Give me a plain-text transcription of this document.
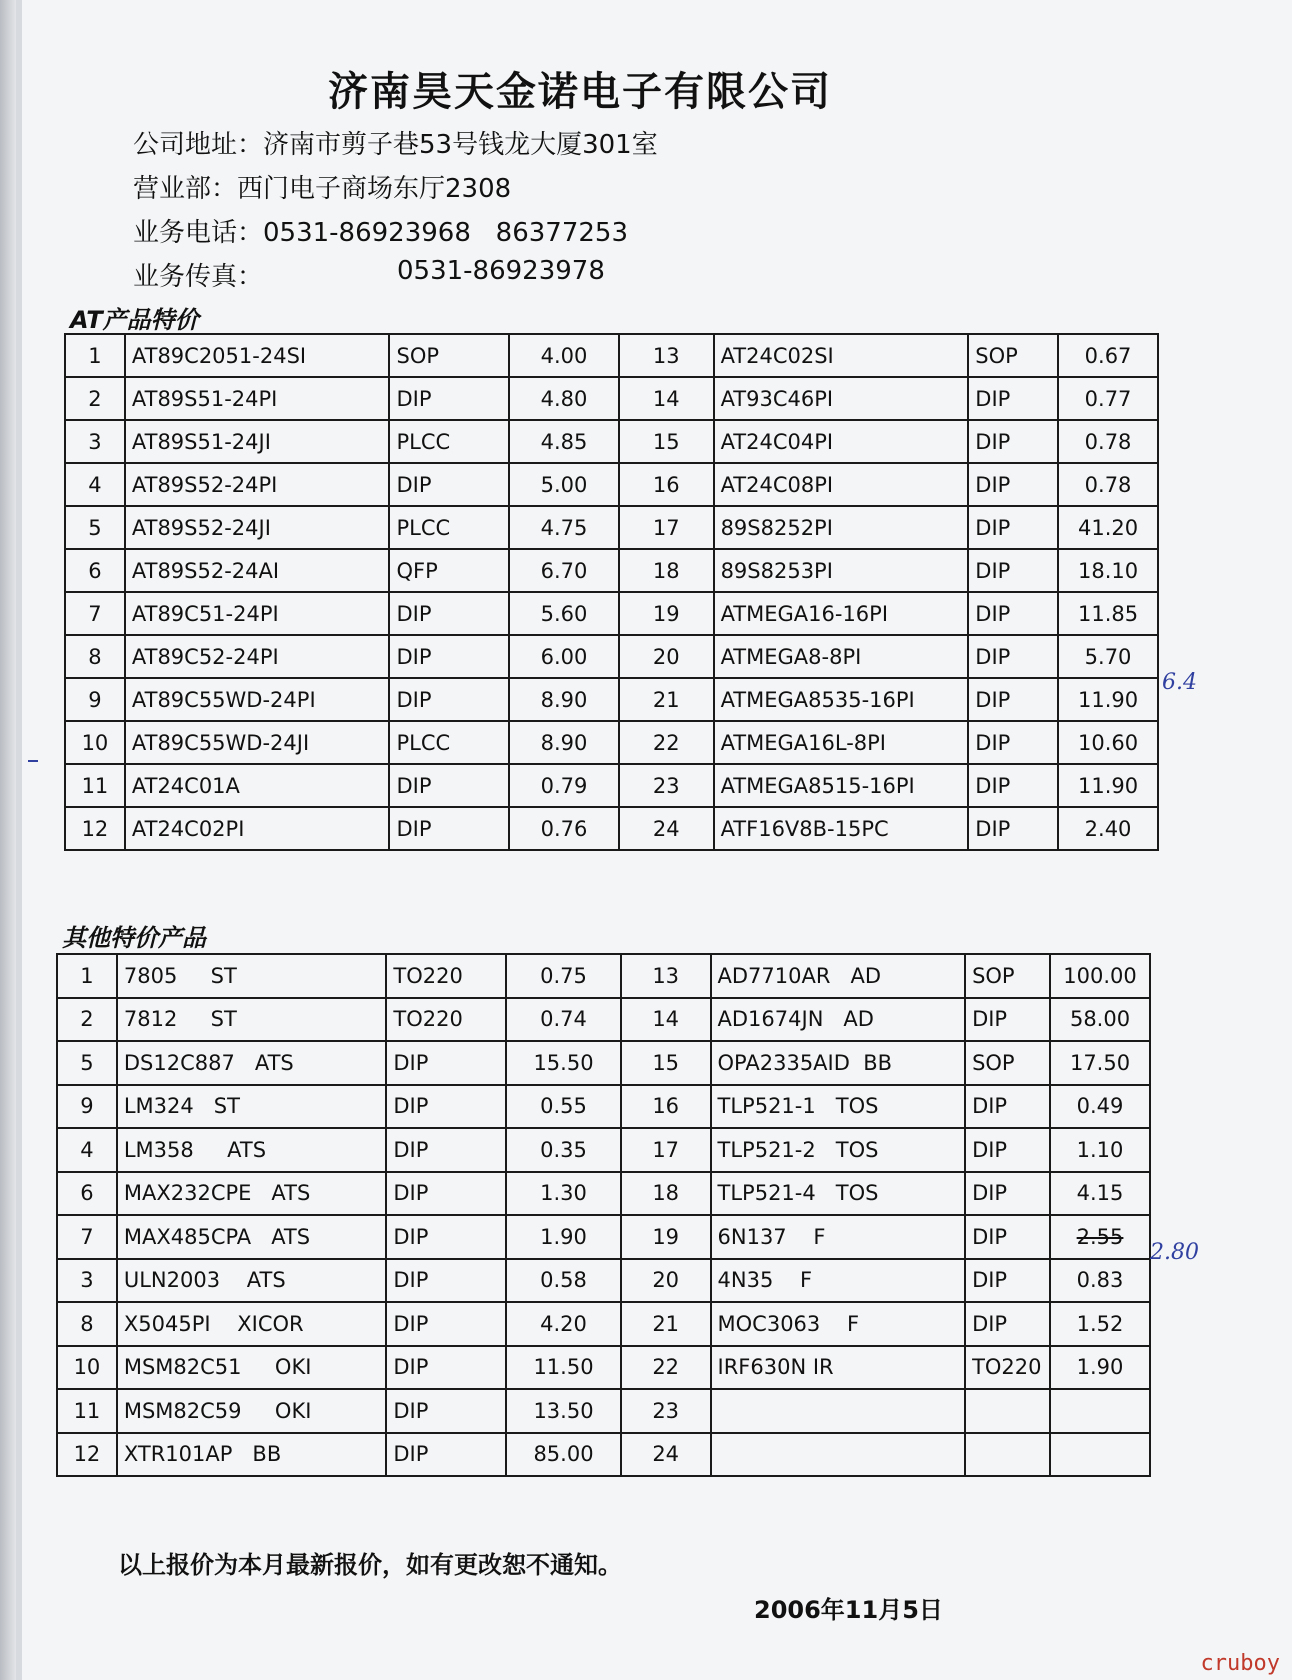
济南昊天金诺电子有限公司
公司地址：济南市剪子巷53号钱龙大厦301室
营业部：西门电子商场东厅2308
业务电话：0531-86923968   86377253
业务传真：	0531-86923978
AT产品特价
1	AT89C2051-24SI	SOP	4.00	13	AT24C02SI	SOP	0.67
2	AT89S51-24PI	DIP	4.80	14	AT93C46PI	DIP	0.77
3	AT89S51-24JI	PLCC	4.85	15	AT24C04PI	DIP	0.78
4	AT89S52-24PI	DIP	5.00	16	AT24C08PI	DIP	0.78
5	AT89S52-24JI	PLCC	4.75	17	89S8252PI	DIP	41.20
6	AT89S52-24AI	QFP	6.70	18	89S8253PI	DIP	18.10
7	AT89C51-24PI	DIP	5.60	19	ATMEGA16-16PI	DIP	11.85
8	AT89C52-24PI	DIP	6.00	20	ATMEGA8-8PI	DIP	5.70
9	AT89C55WD-24PI	DIP	8.90	21	ATMEGA8535-16PI	DIP	11.90
10	AT89C55WD-24JI	PLCC	8.90	22	ATMEGA16L-8PI	DIP	10.60
11	AT24C01A	DIP	0.79	23	ATMEGA8515-16PI	DIP	11.90
12	AT24C02PI	DIP	0.76	24	ATF16V8B-15PC	DIP	2.40
6.4
其他特价产品
1	7805     ST	TO220	0.75	13	AD7710AR   AD	SOP	100.00
2	7812     ST	TO220	0.74	14	AD1674JN   AD	DIP	58.00
5	DS12C887   ATS	DIP	15.50	15	OPA2335AID  BB	SOP	17.50
9	LM324   ST	DIP	0.55	16	TLP521-1   TOS	DIP	0.49
4	LM358     ATS	DIP	0.35	17	TLP521-2   TOS	DIP	1.10
6	MAX232CPE   ATS	DIP	1.30	18	TLP521-4   TOS	DIP	4.15
7	MAX485CPA   ATS	DIP	1.90	19	6N137    F	DIP	2.55
3	ULN2003    ATS	DIP	0.58	20	4N35    F	DIP	0.83
8	X5045PI    XICOR	DIP	4.20	21	MOC3063    F	DIP	1.52
10	MSM82C51     OKI	DIP	11.50	22	IRF630N IR	TO220	1.90
11	MSM82C59     OKI	DIP	13.50	23			
12	XTR101AP   BB	DIP	85.00	24			
2.80
以上报价为本月最新报价，如有更改恕不通知。
2006年11月5日
cruboy
